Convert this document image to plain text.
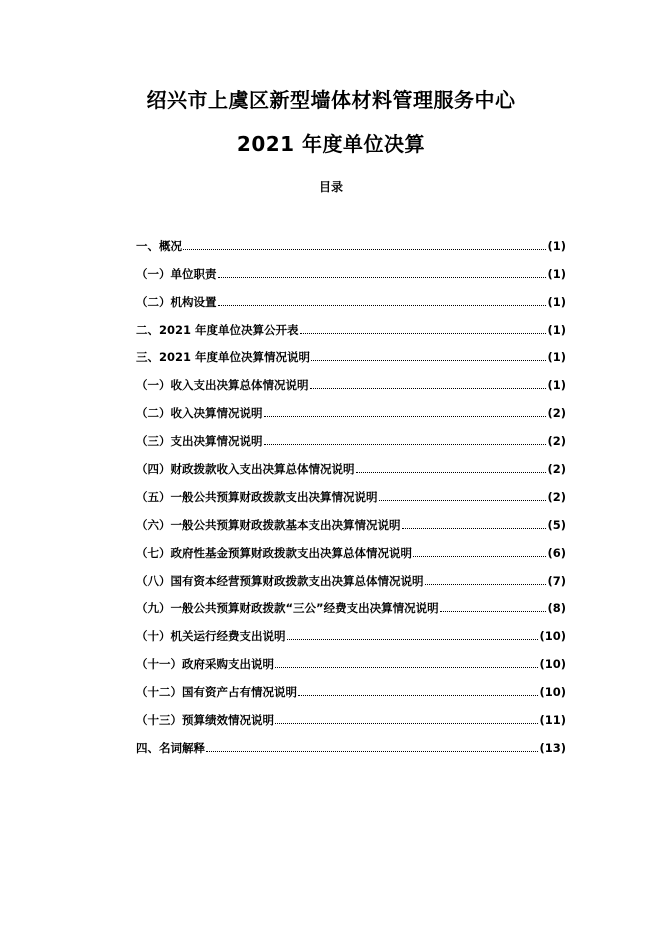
绍兴市上虞区新型墙体材料管理服务中心
2021 年度单位决算
目录
一、概况	(1)
（一）单位职责	(1)
（二）机构设置	(1)
二、2021 年度单位决算公开表	(1)
三、2021 年度单位决算情况说明	(1)
（一）收入支出决算总体情况说明	(1)
（二）收入决算情况说明	(2)
（三）支出决算情况说明	(2)
（四）财政拨款收入支出决算总体情况说明	(2)
（五）一般公共预算财政拨款支出决算情况说明	(2)
（六）一般公共预算财政拨款基本支出决算情况说明	(5)
（七）政府性基金预算财政拨款支出决算总体情况说明	(6)
（八）国有资本经营预算财政拨款支出决算总体情况说明	(7)
（九）一般公共预算财政拨款“三公”经费支出决算情况说明	(8)
（十）机关运行经费支出说明	(10)
（十一）政府采购支出说明	(10)
（十二）国有资产占有情况说明	(10)
（十三）预算绩效情况说明	(11)
四、名词解释	(13)
